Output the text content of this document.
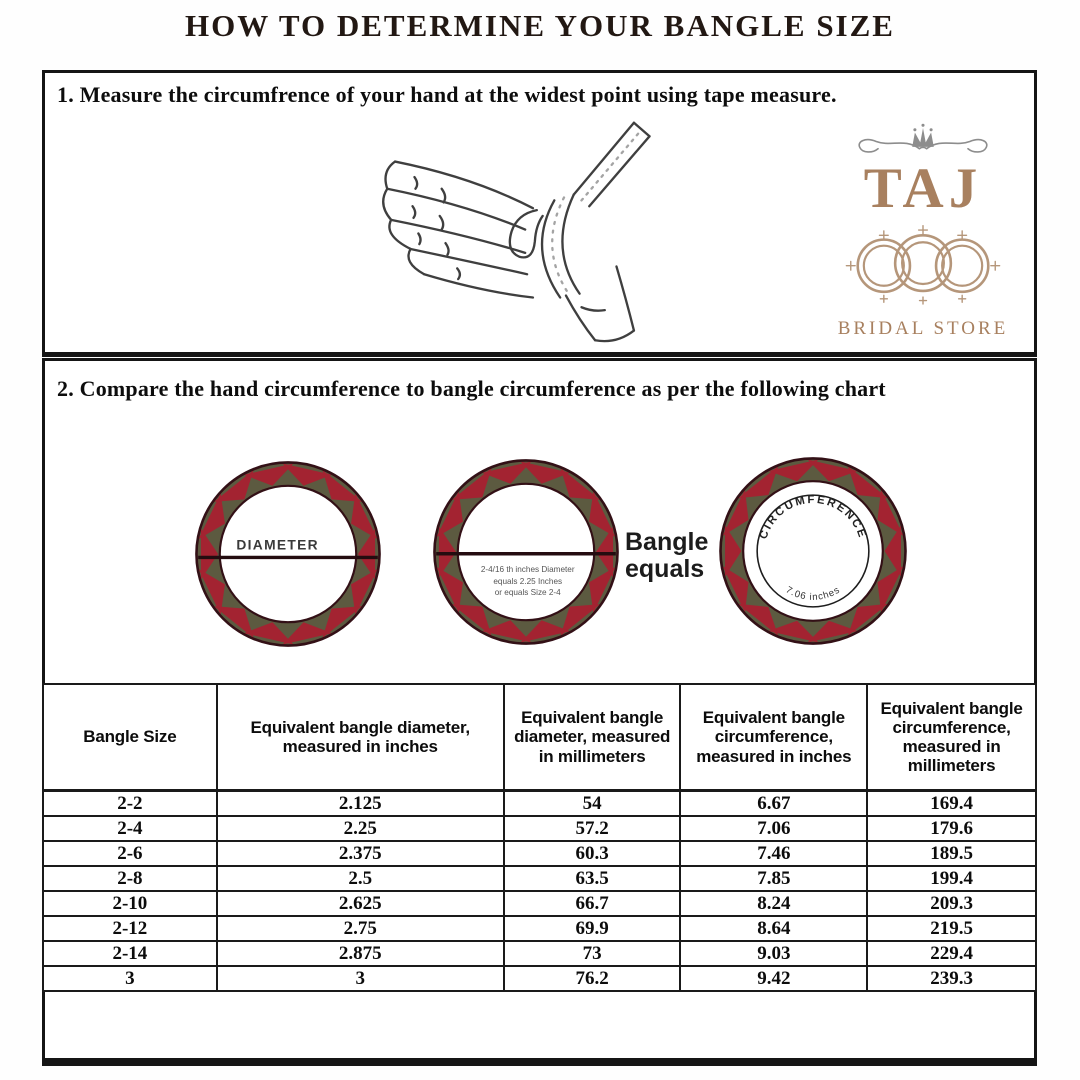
HOW TO DETERMINE YOUR BANGLE SIZE
1. Measure the circumfrence of your hand at the widest point using tape measure.
TAJ
BRIDAL STORE
2. Compare the hand circumference to bangle circumference as per the following chart
DIAMETER
2-4/16 th inches Diameter
equals 2.25 Inches
or equals Size 2-4
Bangle
equals
CIRCUMFERENCE
7.06 inches
Bangle Size	Equivalent bangle diameter, measured in inches	Equivalent bangle diameter, measured in millimeters	Equivalent bangle circumference, measured in inches	Equivalent bangle circumference, measured in millimeters
2-2	2.125	54	6.67	169.4
2-4	2.25	57.2	7.06	179.6
2-6	2.375	60.3	7.46	189.5
2-8	2.5	63.5	7.85	199.4
2-10	2.625	66.7	8.24	209.3
2-12	2.75	69.9	8.64	219.5
2-14	2.875	73	9.03	229.4
3	3	76.2	9.42	239.3
